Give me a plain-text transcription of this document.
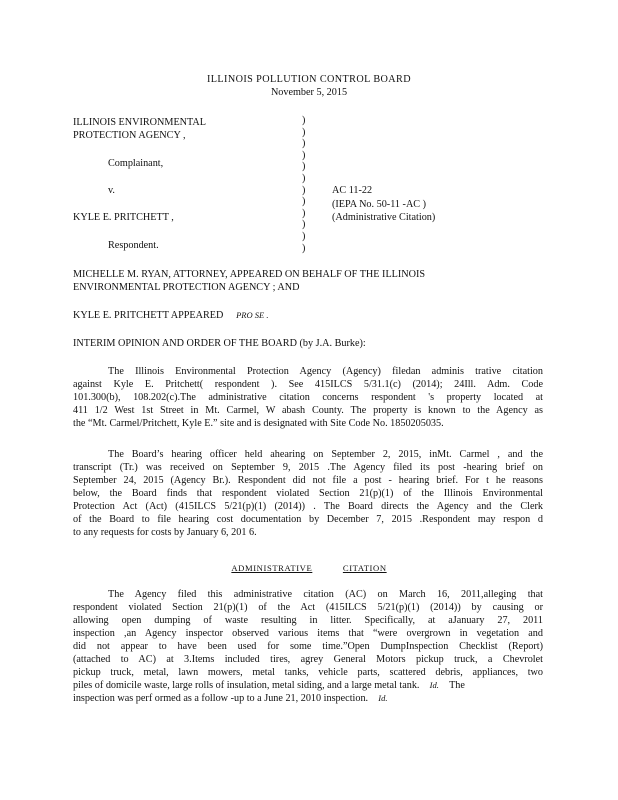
ILLINOIS POLLUTION CONTROL BOARD
November 5, 2015
ILLINOIS ENVIRONMENTAL
PROTECTION AGENCY ,
Complainant,
v.
KYLE E. PRITCHETT ,
Respondent.
)
)
)
)
)
)
)
)
)
)
)
)
AC 11-22
(IEPA No. 50-11 -AC )
(Administrative Citation)
MICHELLE M. RYAN, ATTORNEY, APPEARED ON BEHALF OF THE ILLINOIS
ENVIRONMENTAL PROTECTION AGENCY ; AND
KYLE E. PRITCHETT APPEARED PRO SE .
INTERIM OPINION AND ORDER OF THE BOARD (by J.A. Burke):
The Illinois Environmental Protection Agency (Agency) filedan adminis trative citation
against Kyle E. Pritchett( respondent ). See 415ILCS 5/31.1(c) (2014); 24Ill. Adm. Code
101.300(b), 108.202(c).The administrative citation concerns respondent 's property located at
411 1/2 West 1st Street in Mt. Carmel, W abash County. The property is known to the Agency as
the “Mt. Carmel/Pritchett, Kyle E.” site and is designated with Site Code No. 1850205035.
The Board’s hearing officer held ahearing on September 2, 2015, inMt. Carmel , and the
transcript (Tr.) was received on September 9, 2015 .The Agency filed its post -hearing brief on
September 24, 2015 (Agency Br.). Respondent did not file a post - hearing brief. For t he reasons
below, the Board finds that respondent violated Section 21(p)(1) of the Illinois Environmental
Protection Act (Act) (415ILCS 5/21(p)(1) (2014)) . The Board directs the Agency and the Clerk
of the Board to file hearing cost documentation by December 7, 2015 .Respondent may respon d
to any requests for costs by January 6, 201 6.
ADMINISTRATIVE	CITATION
The Agency filed this administrative citation (AC) on March 16, 2011,alleging that
respondent violated Section 21(p)(1) of the Act (415ILCS 5/21(p)(1) (2014)) by causing or
allowing open dumping of waste resulting in litter. Specifically, at aJanuary 27, 2011
inspection ,an Agency inspector observed various items that “were overgrown in vegetation and
did not appear to have been used for some time.”Open DumpInspection Checklist (Report)
(attached to AC) at 3.Items included tires, agrey General Motors pickup truck, a Chevrolet
pickup truck, metal, lawn mowers, metal tanks, vehicle parts, scattered debris, appliances, two
piles of domicile waste, large rolls of insulation, metal siding, and a large metal tank. Id.    The
inspection was perf ormed as a follow -up to a June 21, 2010 inspection. Id.
